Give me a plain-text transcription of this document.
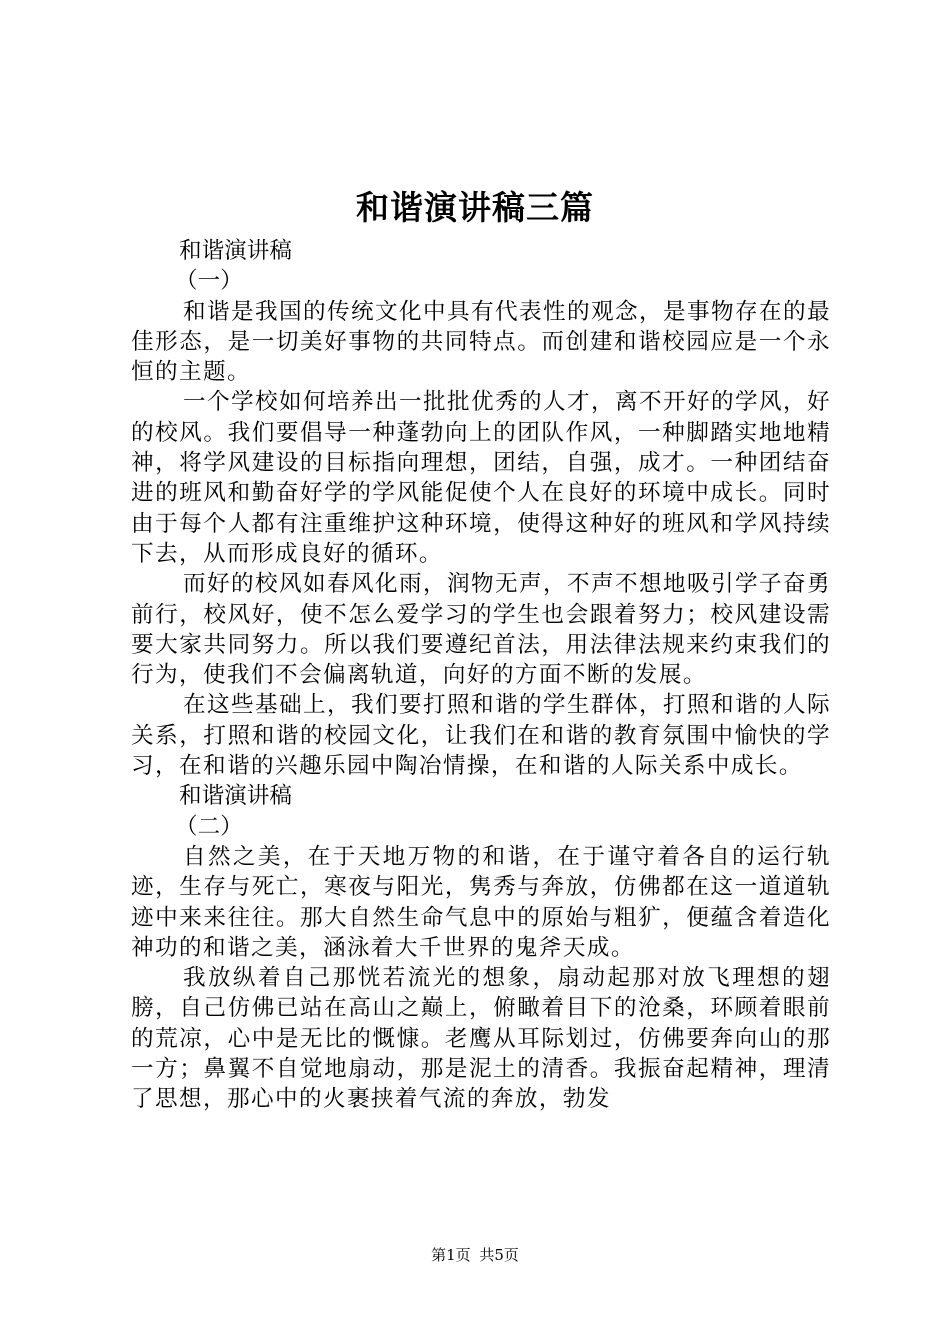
和谐演讲稿三篇

和谐演讲稿

（一）

和谐是我国的传统文化中具有代表性的观念，是事物存在的最佳形态，是一切美好事物的共同特点。而创建和谐校园应是一个永恒的主题。

一个学校如何培养出一批批优秀的人才，离不开好的学风，好的校风。我们要倡导一种蓬勃向上的团队作风，一种脚踏实地地精神，将学风建设的目标指向理想，团结，自强，成才。一种团结奋进的班风和勤奋好学的学风能促使个人在良好的环境中成长。同时由于每个人都有注重维护这种环境，使得这种好的班风和学风持续下去，从而形成良好的循环。

而好的校风如春风化雨，润物无声，不声不想地吸引学子奋勇前行，校风好，使不怎么爱学习的学生也会跟着努力；校风建设需要大家共同努力。所以我们要遵纪首法，用法律法规来约束我们的行为，使我们不会偏离轨道，向好的方面不断的发展。

在这些基础上，我们要打照和谐的学生群体，打照和谐的人际关系，打照和谐的校园文化，让我们在和谐的教育氛围中愉快的学习，在和谐的兴趣乐园中陶冶情操，在和谐的人际关系中成长。

和谐演讲稿

（二）

自然之美，在于天地万物的和谐，在于谨守着各自的运行轨迹，生存与死亡，寒夜与阳光，隽秀与奔放，仿佛都在这一道道轨迹中来来往往。那大自然生命气息中的原始与粗犷，便蕴含着造化神功的和谐之美，涵泳着大千世界的鬼斧天成。

我放纵着自己那恍若流光的想象，扇动起那对放飞理想的翅膀，自己仿佛已站在高山之巅上，俯瞰着目下的沧桑，环顾着眼前的荒凉，心中是无比的慨慷。老鹰从耳际划过，仿佛要奔向山的那一方；鼻翼不自觉地扇动，那是泥土的清香。我振奋起精神，理清了思想，那心中的火裹挟着气流的奔放，勃发

第1页 共5页
